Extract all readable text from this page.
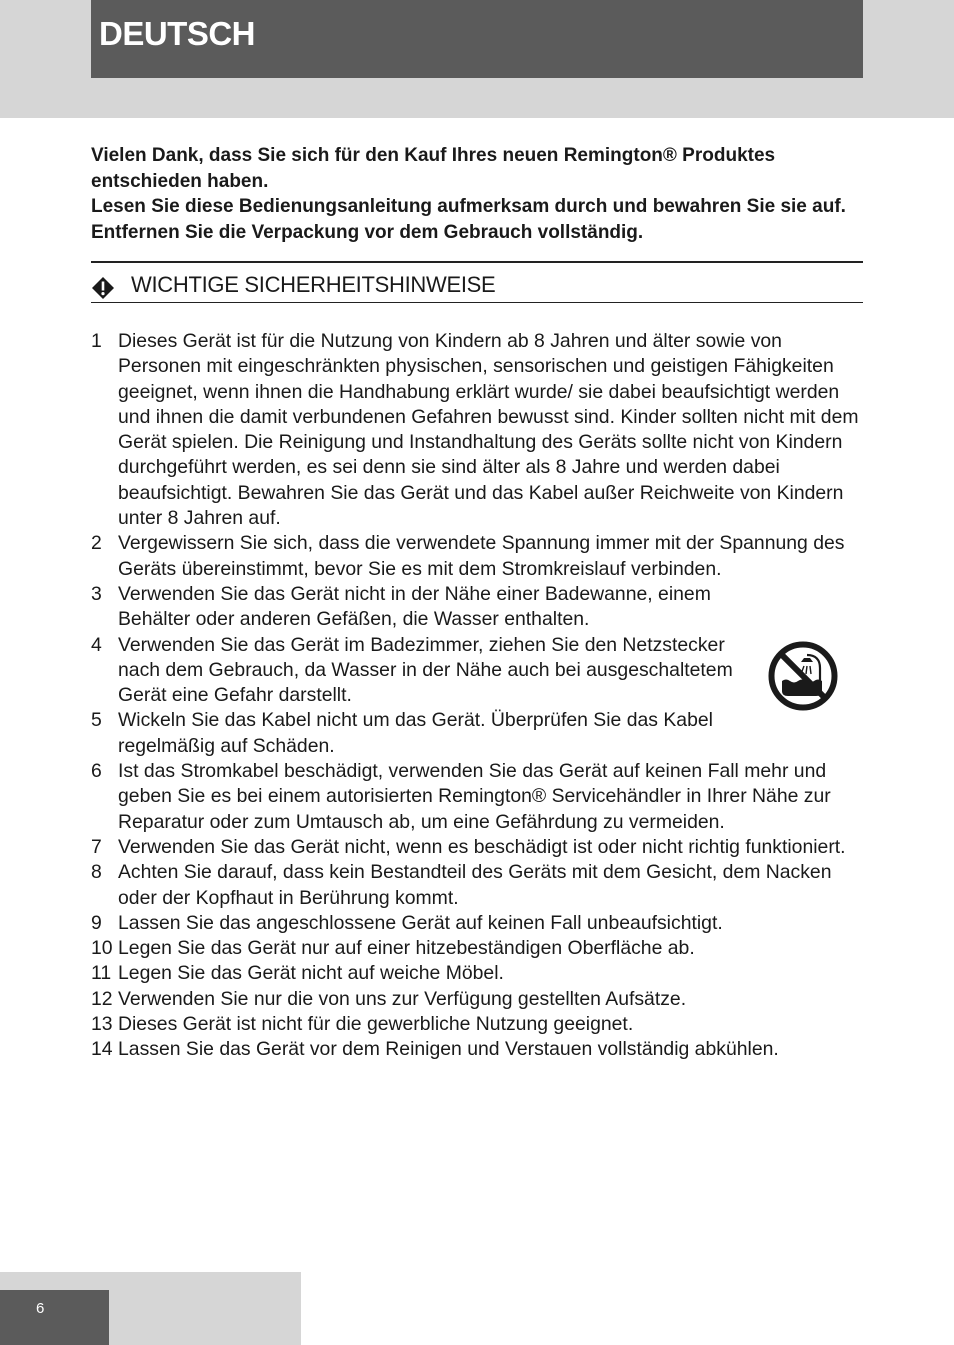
DEUTSCH

Vielen Dank, dass Sie sich für den Kauf Ihres neuen Remington® Produktes entschieden haben.

Lesen Sie diese Bedienungsanleitung aufmerksam durch und bewahren Sie sie auf. Entfernen Sie die Verpackung vor dem Gebrauch vollständig.

WICHTIGE SICHERHEITSHINWEISE
1 Dieses Gerät ist für die Nutzung von Kindern ab 8 Jahren und älter sowie von Personen mit eingeschränkten physischen, sensorischen und geistigen Fähigkeiten geeignet, wenn ihnen die Handhabung erklärt wurde/ sie dabei beaufsichtigt werden und ihnen die damit verbundenen Gefahren bewusst sind. Kinder sollten nicht mit dem Gerät spielen. Die Reinigung und Instandhaltung des Geräts sollte nicht von Kindern durchgeführt werden, es sei denn sie sind älter als 8 Jahre und werden dabei beaufsichtigt. Bewahren Sie das Gerät und das Kabel außer Reichweite von Kindern unter 8 Jahren auf.
2 Vergewissern Sie sich, dass die verwendete Spannung immer mit der Spannung des Geräts übereinstimmt, bevor Sie es mit dem Stromkreislauf verbinden.
3 Verwenden Sie das Gerät nicht in der Nähe einer Badewanne, einem Behälter oder anderen Gefäßen, die Wasser enthalten.
4 Verwenden Sie das Gerät im Badezimmer, ziehen Sie den Netzstecker nach dem Gebrauch, da Wasser in der Nähe auch bei ausgeschaltetem Gerät eine Gefahr darstellt.
5 Wickeln Sie das Kabel nicht um das Gerät. Überprüfen Sie das Kabel regelmäßig auf Schäden.
6 Ist das Stromkabel beschädigt, verwenden Sie das Gerät auf keinen Fall mehr und geben Sie es bei einem autorisierten Remington® Servicehändler in Ihrer Nähe zur Reparatur oder zum Umtausch ab, um eine Gefährdung zu vermeiden.
7 Verwenden Sie das Gerät nicht, wenn es beschädigt ist oder nicht richtig funktioniert.
8 Achten Sie darauf, dass kein Bestandteil des Geräts mit dem Gesicht, dem Nacken oder der Kopfhaut in Berührung kommt.
9 Lassen Sie das angeschlossene Gerät auf keinen Fall unbeaufsichtigt.
10 Legen Sie das Gerät nur auf einer hitzebeständigen Oberfläche ab.
11 Legen Sie das Gerät nicht auf weiche Möbel.
12 Verwenden Sie nur die von uns zur Verfügung gestellten Aufsätze.
13 Dieses Gerät ist nicht für die gewerbliche Nutzung geeignet.
14 Lassen Sie das Gerät vor dem Reinigen und Verstauen vollständig abkühlen.
6
